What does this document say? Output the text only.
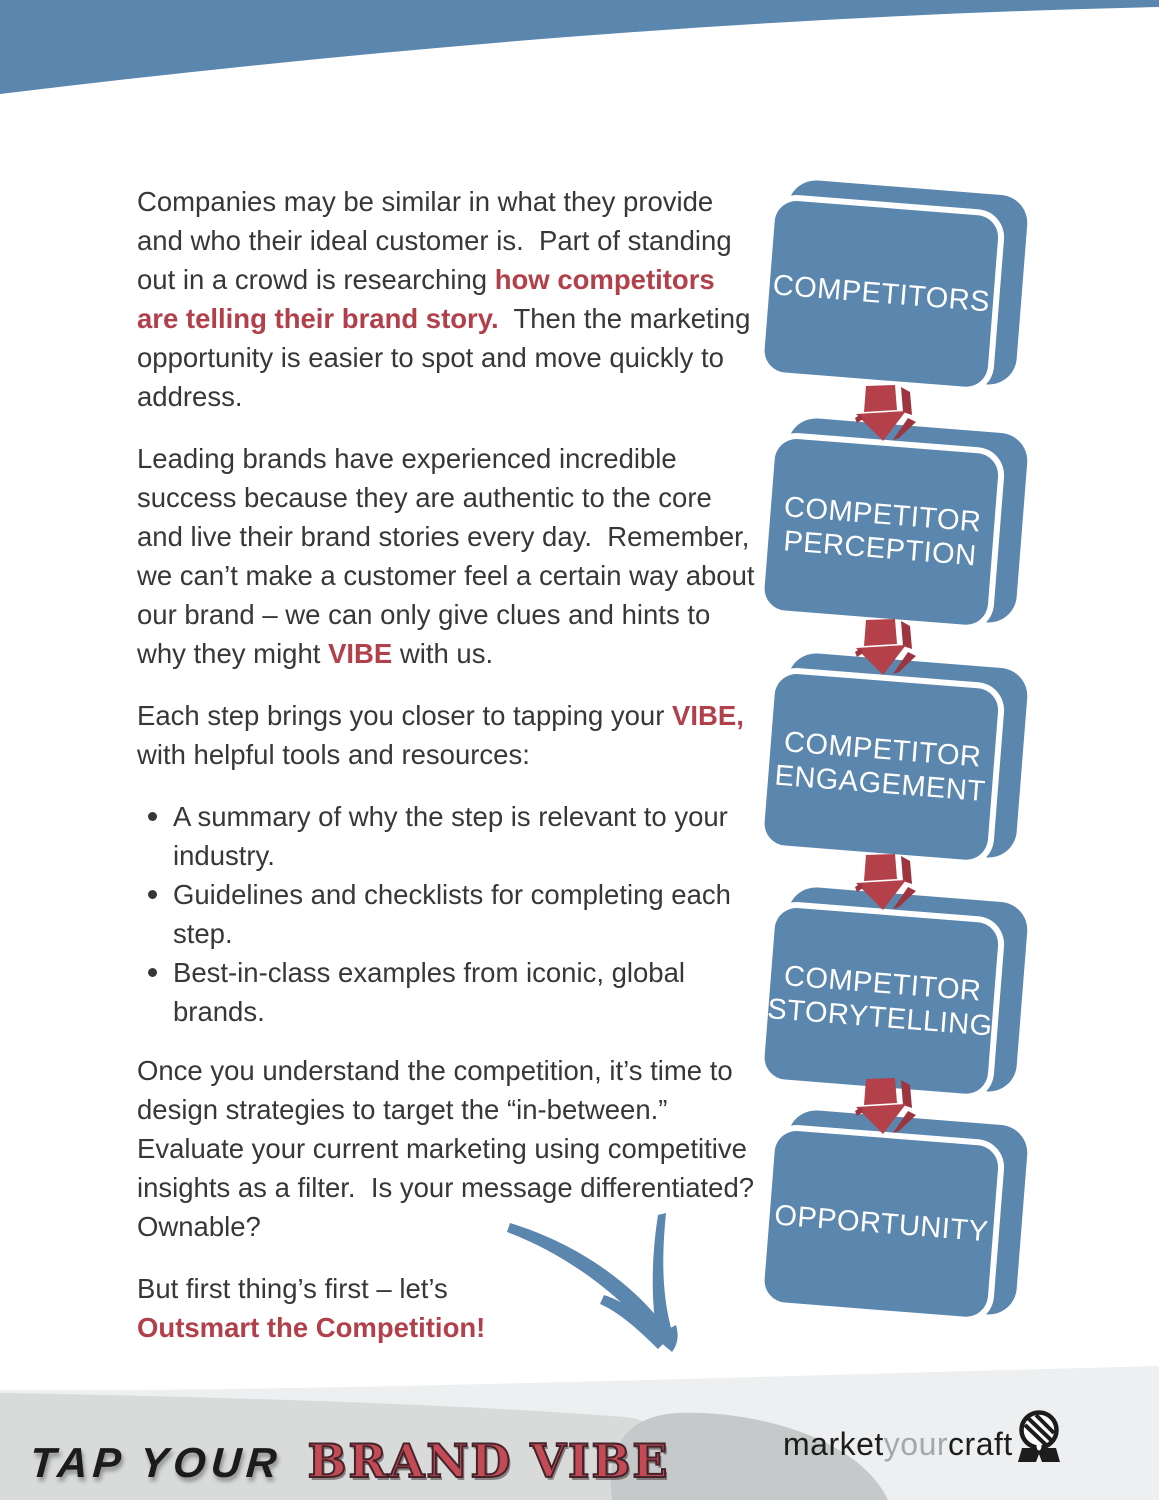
Companies may be similar in what they provide and who their ideal customer is.  Part of standing out in a crowd is researching how competitors are telling their brand story.  Then the marketing opportunity is easier to spot and move quickly to address.

Leading brands have experienced incredible success because they are authentic to the core and live their brand stories every day.  Remember, we can’t make a customer feel a certain way about our brand – we can only give clues and hints to why they might VIBE with us.

Each step brings you closer to tapping your VIBE, with helpful tools and resources:

A summary of why the step is relevant to your industry.
Guidelines and checklists for completing each step.
Best-in-class examples from iconic, global brands.

Once you understand the competition, it’s time to design strategies to target the “in-between.”  Evaluate your current marketing using competitive insights as a filter.  Is your message differentiated?  Ownable?

But first thing’s first – let’s
Outsmart the Competition!

COMPETITORS
COMPETITOR PERCEPTION
COMPETITOR ENGAGEMENT
COMPETITOR STORYTELLING
OPPORTUNITY
TAP YOUR BRAND VIBE	market your craft
